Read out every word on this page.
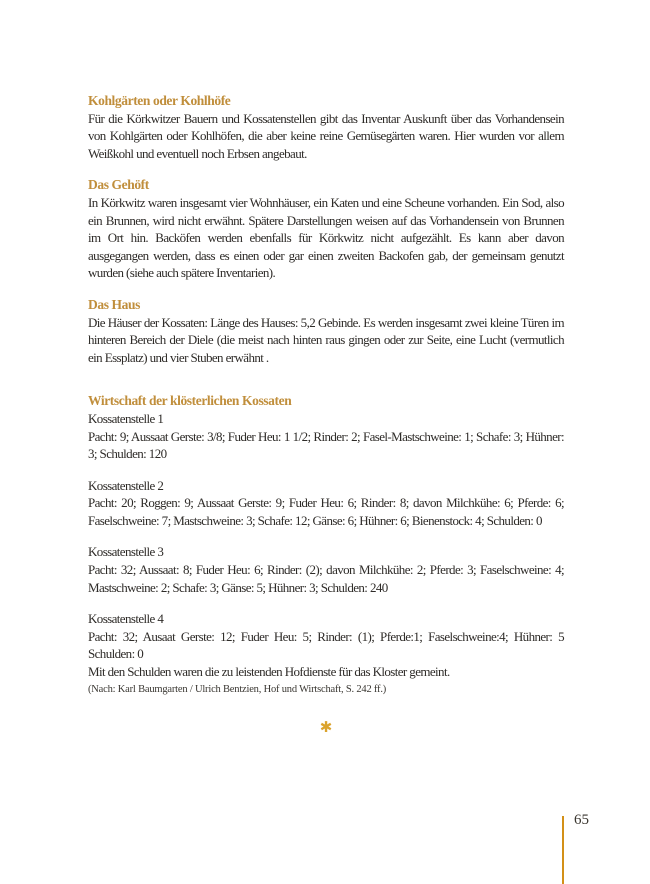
Kohlgärten oder Kohlhöfe

Für die Körkwitzer Bauern und Kossatenstellen gibt das Inventar Auskunft über das Vorhandensein von Kohlgärten oder Kohlhöfen, die aber keine reine Gemüsegärten waren. Hier wurden vor allem Weißkohl und eventuell noch Erbsen angebaut.

Das Gehöft

In Körkwitz waren insgesamt vier Wohnhäuser, ein Katen und eine Scheune vorhanden. Ein Sod, also ein Brunnen, wird nicht erwähnt. Spätere Darstellungen weisen auf das Vorhandensein von Brunnen im Ort hin. Backöfen werden ebenfalls für Körkwitz nicht aufgezählt. Es kann aber davon ausgegangen werden, dass es einen oder gar einen zweiten Backofen gab, der gemeinsam genutzt wurden (siehe auch spätere Inventarien).

Das Haus

Die Häuser der Kossaten: Länge des Hauses: 5,2 Gebinde. Es werden insgesamt zwei kleine Türen im hinteren Bereich der Diele (die meist nach hinten raus gingen oder zur Seite, eine Lucht (vermutlich ein Essplatz) und vier Stuben erwähnt .

Wirtschaft der klösterlichen Kossaten

Kossatenstelle 1

Pacht: 9; Aussaat Gerste: 3/8; Fuder Heu: 1 1/2; Rinder: 2; Fasel-Mastschweine: 1; Schafe: 3; Hühner: 3; Schulden: 120

Kossatenstelle 2

Pacht: 20; Roggen: 9; Aussaat Gerste: 9; Fuder Heu: 6; Rinder: 8; davon Milchkühe: 6; Pferde: 6; Faselschweine: 7; Mastschweine: 3; Schafe: 12; Gänse: 6; Hühner: 6; Bienenstock: 4; Schulden: 0

Kossatenstelle 3

Pacht: 32; Aussaat: 8; Fuder Heu: 6; Rinder: (2); davon Milchkühe: 2; Pferde: 3; Faselschweine: 4; Mastschweine: 2; Schafe: 3; Gänse: 5; Hühner: 3; Schulden: 240

Kossatenstelle 4

Pacht: 32; Ausaat Gerste: 12; Fuder Heu: 5; Rinder: (1); Pferde:1; Faselschweine:4; Hühner: 5 Schulden: 0

Mit den Schulden waren die zu leistenden Hofdienste für das Kloster gemeint.

(Nach: Karl Baumgarten / Ulrich Bentzien, Hof und Wirtschaft, S. 242 ff.)

✱
65
